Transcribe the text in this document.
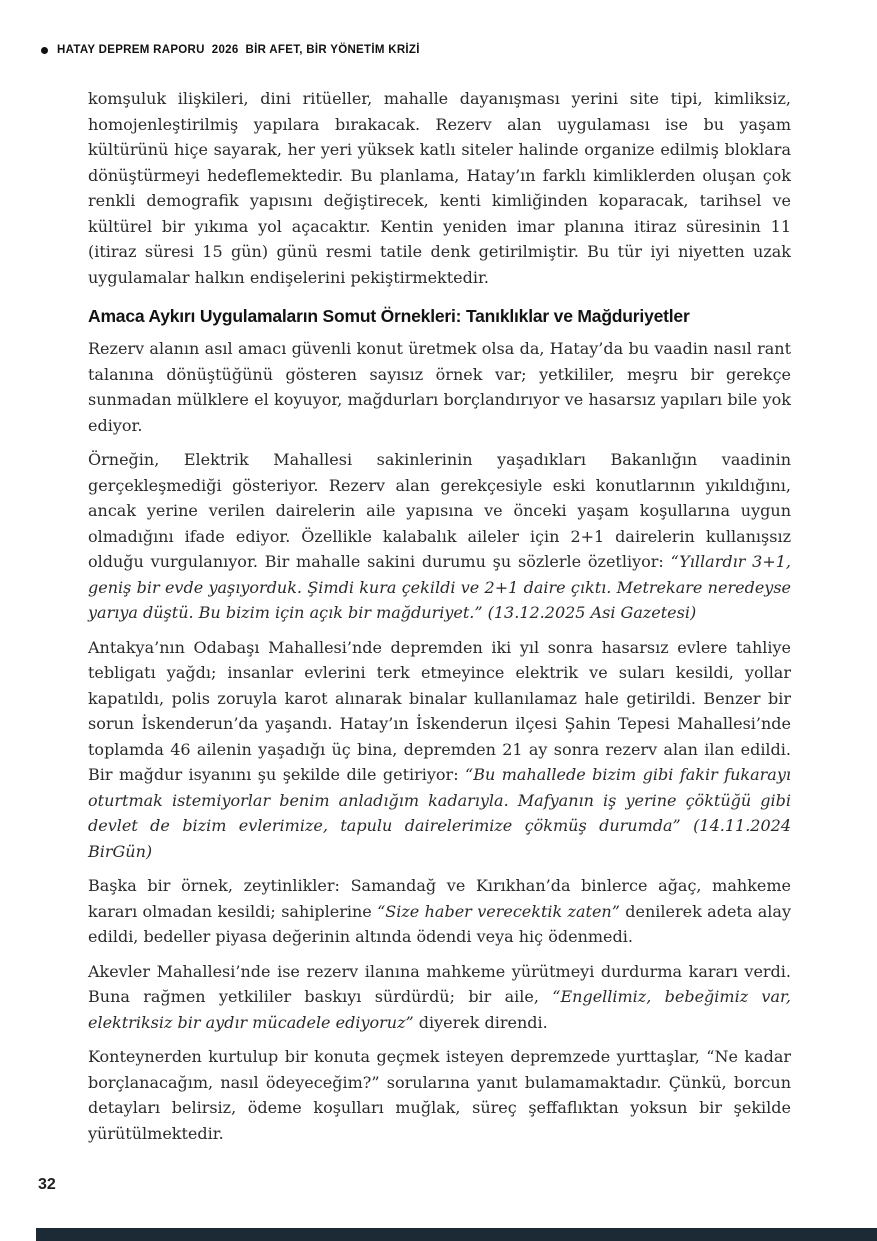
HATAY DEPREM RAPORU  2026  BİR AFET, BİR YÖNETİM KRİZİ

komşuluk ilişkileri, dini ritüeller, mahalle dayanışması yerini site tipi, kimliksiz, homojenleştirilmiş yapılara bırakacak. Rezerv alan uygulaması ise bu yaşam kültürünü hiçe sayarak, her yeri yüksek katlı siteler halinde organize edilmiş bloklara dönüştürmeyi hedeflemektedir. Bu planlama, Hatay’ın farklı kimliklerden oluşan çok renkli demografik yapısını değiştirecek, kenti kimliğinden koparacak, tarihsel ve kültürel bir yıkıma yol açacaktır. Kentin yeniden imar planına itiraz süresinin 11 (itiraz süresi 15 gün) günü resmi tatile denk getirilmiştir. Bu tür iyi niyetten uzak uygulamalar halkın endişelerini pekiştirmektedir.

Amaca Aykırı Uygulamaların Somut Örnekleri: Tanıklıklar ve Mağduriyetler

Rezerv alanın asıl amacı güvenli konut üretmek olsa da, Hatay’da bu vaadin nasıl rant talanına dönüştüğünü gösteren sayısız örnek var; yetkililer, meşru bir gerekçe sunmadan mülklere el koyuyor, mağdurları borçlandırıyor ve hasarsız yapıları bile yok ediyor.

Örneğin, Elektrik Mahallesi sakinlerinin yaşadıkları Bakanlığın vaadinin gerçekleşmediği gösteriyor. Rezerv alan gerekçesiyle eski konutlarının yıkıldığını, ancak yerine verilen dairelerin aile yapısına ve önceki yaşam koşullarına uygun olmadığını ifade ediyor. Özellikle kalabalık aileler için 2+1 dairelerin kullanışsız olduğu vurgulanıyor. Bir mahalle sakini durumu şu sözlerle özetliyor: “Yıllardır 3+1, geniş bir evde yaşıyorduk. Şimdi kura çekildi ve 2+1 daire çıktı. Metrekare neredeyse yarıya düştü. Bu bizim için açık bir mağduriyet.” (13.12.2025 Asi Gazetesi)

Antakya’nın Odabaşı Mahallesi’nde depremden iki yıl sonra hasarsız evlere tahliye tebligatı yağdı; insanlar evlerini terk etmeyince elektrik ve suları kesildi, yollar kapatıldı, polis zoruyla karot alınarak binalar kullanılamaz hale getirildi. Benzer bir sorun İskenderun’da yaşandı. Hatay’ın İskenderun ilçesi Şahin Tepesi Mahallesi’nde toplamda 46 ailenin yaşadığı üç bina, depremden 21 ay sonra rezerv alan ilan edildi. Bir mağdur isyanını şu şekilde dile getiriyor: “Bu mahallede bizim gibi fakir fukarayı oturtmak istemiyorlar benim anladığım kadarıyla. Mafyanın iş yerine çöktüğü gibi devlet de bizim evlerimize, tapulu dairelerimize çökmüş durumda” (14.11.2024 BirGün)

Başka bir örnek, zeytinlikler: Samandağ ve Kırıkhan’da binlerce ağaç, mahkeme kararı olmadan kesildi; sahiplerine “Size haber verecektik zaten” denilerek adeta alay edildi, bedeller piyasa değerinin altında ödendi veya hiç ödenmedi.

Akevler Mahallesi’nde ise rezerv ilanına mahkeme yürütmeyi durdurma kararı verdi. Buna rağmen yetkililer baskıyı sürdürdü; bir aile, “Engellimiz, bebeğimiz var, elektriksiz bir aydır mücadele ediyoruz” diyerek direndi.

Konteynerden kurtulup bir konuta geçmek isteyen depremzede yurttaşlar, “Ne kadar borçlanacağım, nasıl ödeyeceğim?” sorularına yanıt bulamamaktadır. Çünkü, borcun detayları belirsiz, ödeme koşulları muğlak, süreç şeffaflıktan yoksun bir şekilde yürütülmektedir.

32
